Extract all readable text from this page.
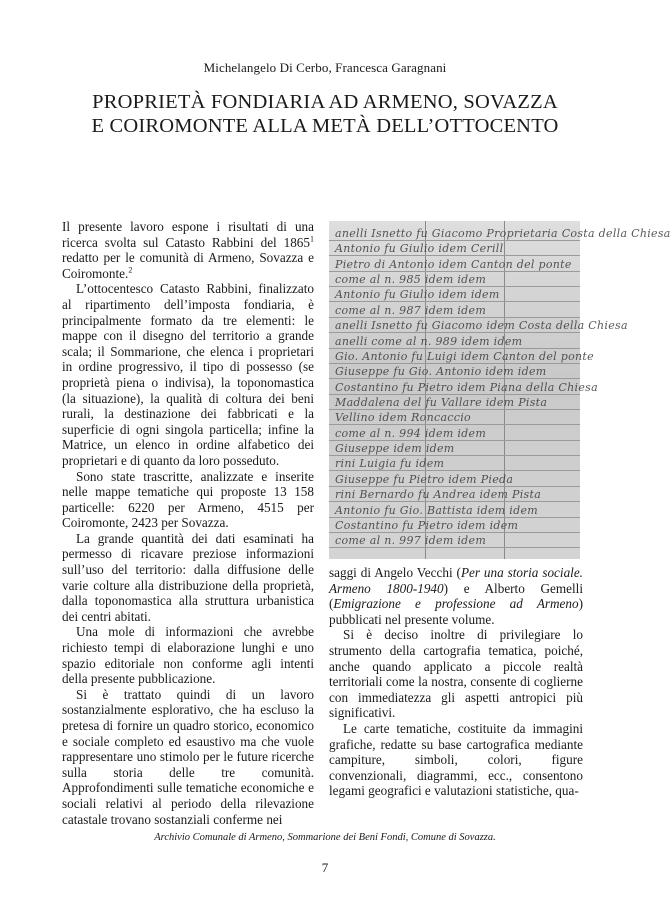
Michelangelo Di Cerbo, Francesca Garagnani
PROPRIETÀ FONDIARIA AD ARMENO, SOVAZZA
E COIROMONTE ALLA METÀ DELL’OTTOCENTO

Il presente lavoro espone i risultati di una ricerca svolta sul Catasto Rabbini del 1865$^1$ redatto per le comunità di Armeno, Sovazza e Coiromonte.$^2$

L’ottocentesco Catasto Rabbini, finalizzato al ripartimento dell’imposta fondiaria, è principalmente formato da tre elementi: le mappe con il disegno del territorio a grande scala; il Sommarione, che elenca i proprietari in ordine progressivo, il tipo di possesso (se proprietà piena o indivisa), la toponomastica (la situazione), la qualità di coltura dei beni rurali, la destinazione dei fabbricati e la superficie di ogni singola particella; infine la Matrice, un elenco in ordine alfabetico dei proprietari e di quanto da loro posseduto.

Sono state trascritte, analizzate e inserite nelle mappe tematiche qui proposte 13 158 particelle: 6220 per Armeno, 4515 per Coiromonte, 2423 per Sovazza.

La grande quantità dei dati esaminati ha permesso di ricavare preziose informazioni sull’uso del territorio: dalla diffusione delle varie colture alla distribuzione della proprietà, dalla toponomastica alla struttura urbanistica dei centri abitati.

Una mole di informazioni che avrebbe richiesto tempi di elaborazione lunghi e uno spazio editoriale non conforme agli intenti della presente pubblicazione.

Si è trattato quindi di un lavoro sostanzialmente esplorativo, che ha escluso la pretesa di fornire un quadro storico, economico e sociale completo ed esaustivo ma che vuole rappresentare uno stimolo per le future ricerche sulla storia delle tre comunità. Approfondimenti sulle tematiche economiche e sociali relativi al periodo della rilevazione catastale trovano sostanziali conferme nei

anelli Isnetto fu Giacomo Proprietaria Costa della Chiesa
Antonio fu Giulio idem Cerill
Pietro di Antonio idem Canton del ponte
come al n. 985 idem idem
Antonio fu Giulio idem idem
come al n. 987 idem idem
anelli Isnetto fu Giacomo idem Costa della Chiesa
anelli come al n. 989 idem idem
Gio. Antonio fu Luigi idem Canton del ponte
Giuseppe fu Gio. Antonio idem idem
Costantino fu Pietro idem Piana della Chiesa
Maddalena del fu Vallare idem Pista
Vellino idem Roncaccio
come al n. 994 idem idem
Giuseppe idem idem
rini Luigia fu idem
Giuseppe fu Pietro idem Pieda
rini Bernardo fu Andrea idem Pista
Antonio fu Gio. Battista idem idem
Costantino fu Pietro idem idem
come al n. 997 idem idem

saggi di Angelo Vecchi (Per una storia sociale. Armeno 1800-1940) e Alberto Gemelli (Emigrazione e professione ad Armeno) pubblicati nel presente volume.

Si è deciso inoltre di privilegiare lo strumento della cartografia tematica, poiché, anche quando applicato a piccole realtà territoriali come la nostra, consente di coglierne con immediatezza gli aspetti antropici più significativi.

Le carte tematiche, costituite da immagini grafiche, redatte su base cartografica mediante campiture, simboli, colori, figure convenzionali, diagrammi, ecc., consentono legami geografici e valutazioni statistiche, qua-

Archivio Comunale di Armeno, Sommarione dei Beni Fondi, Comune di Sovazza.
7
